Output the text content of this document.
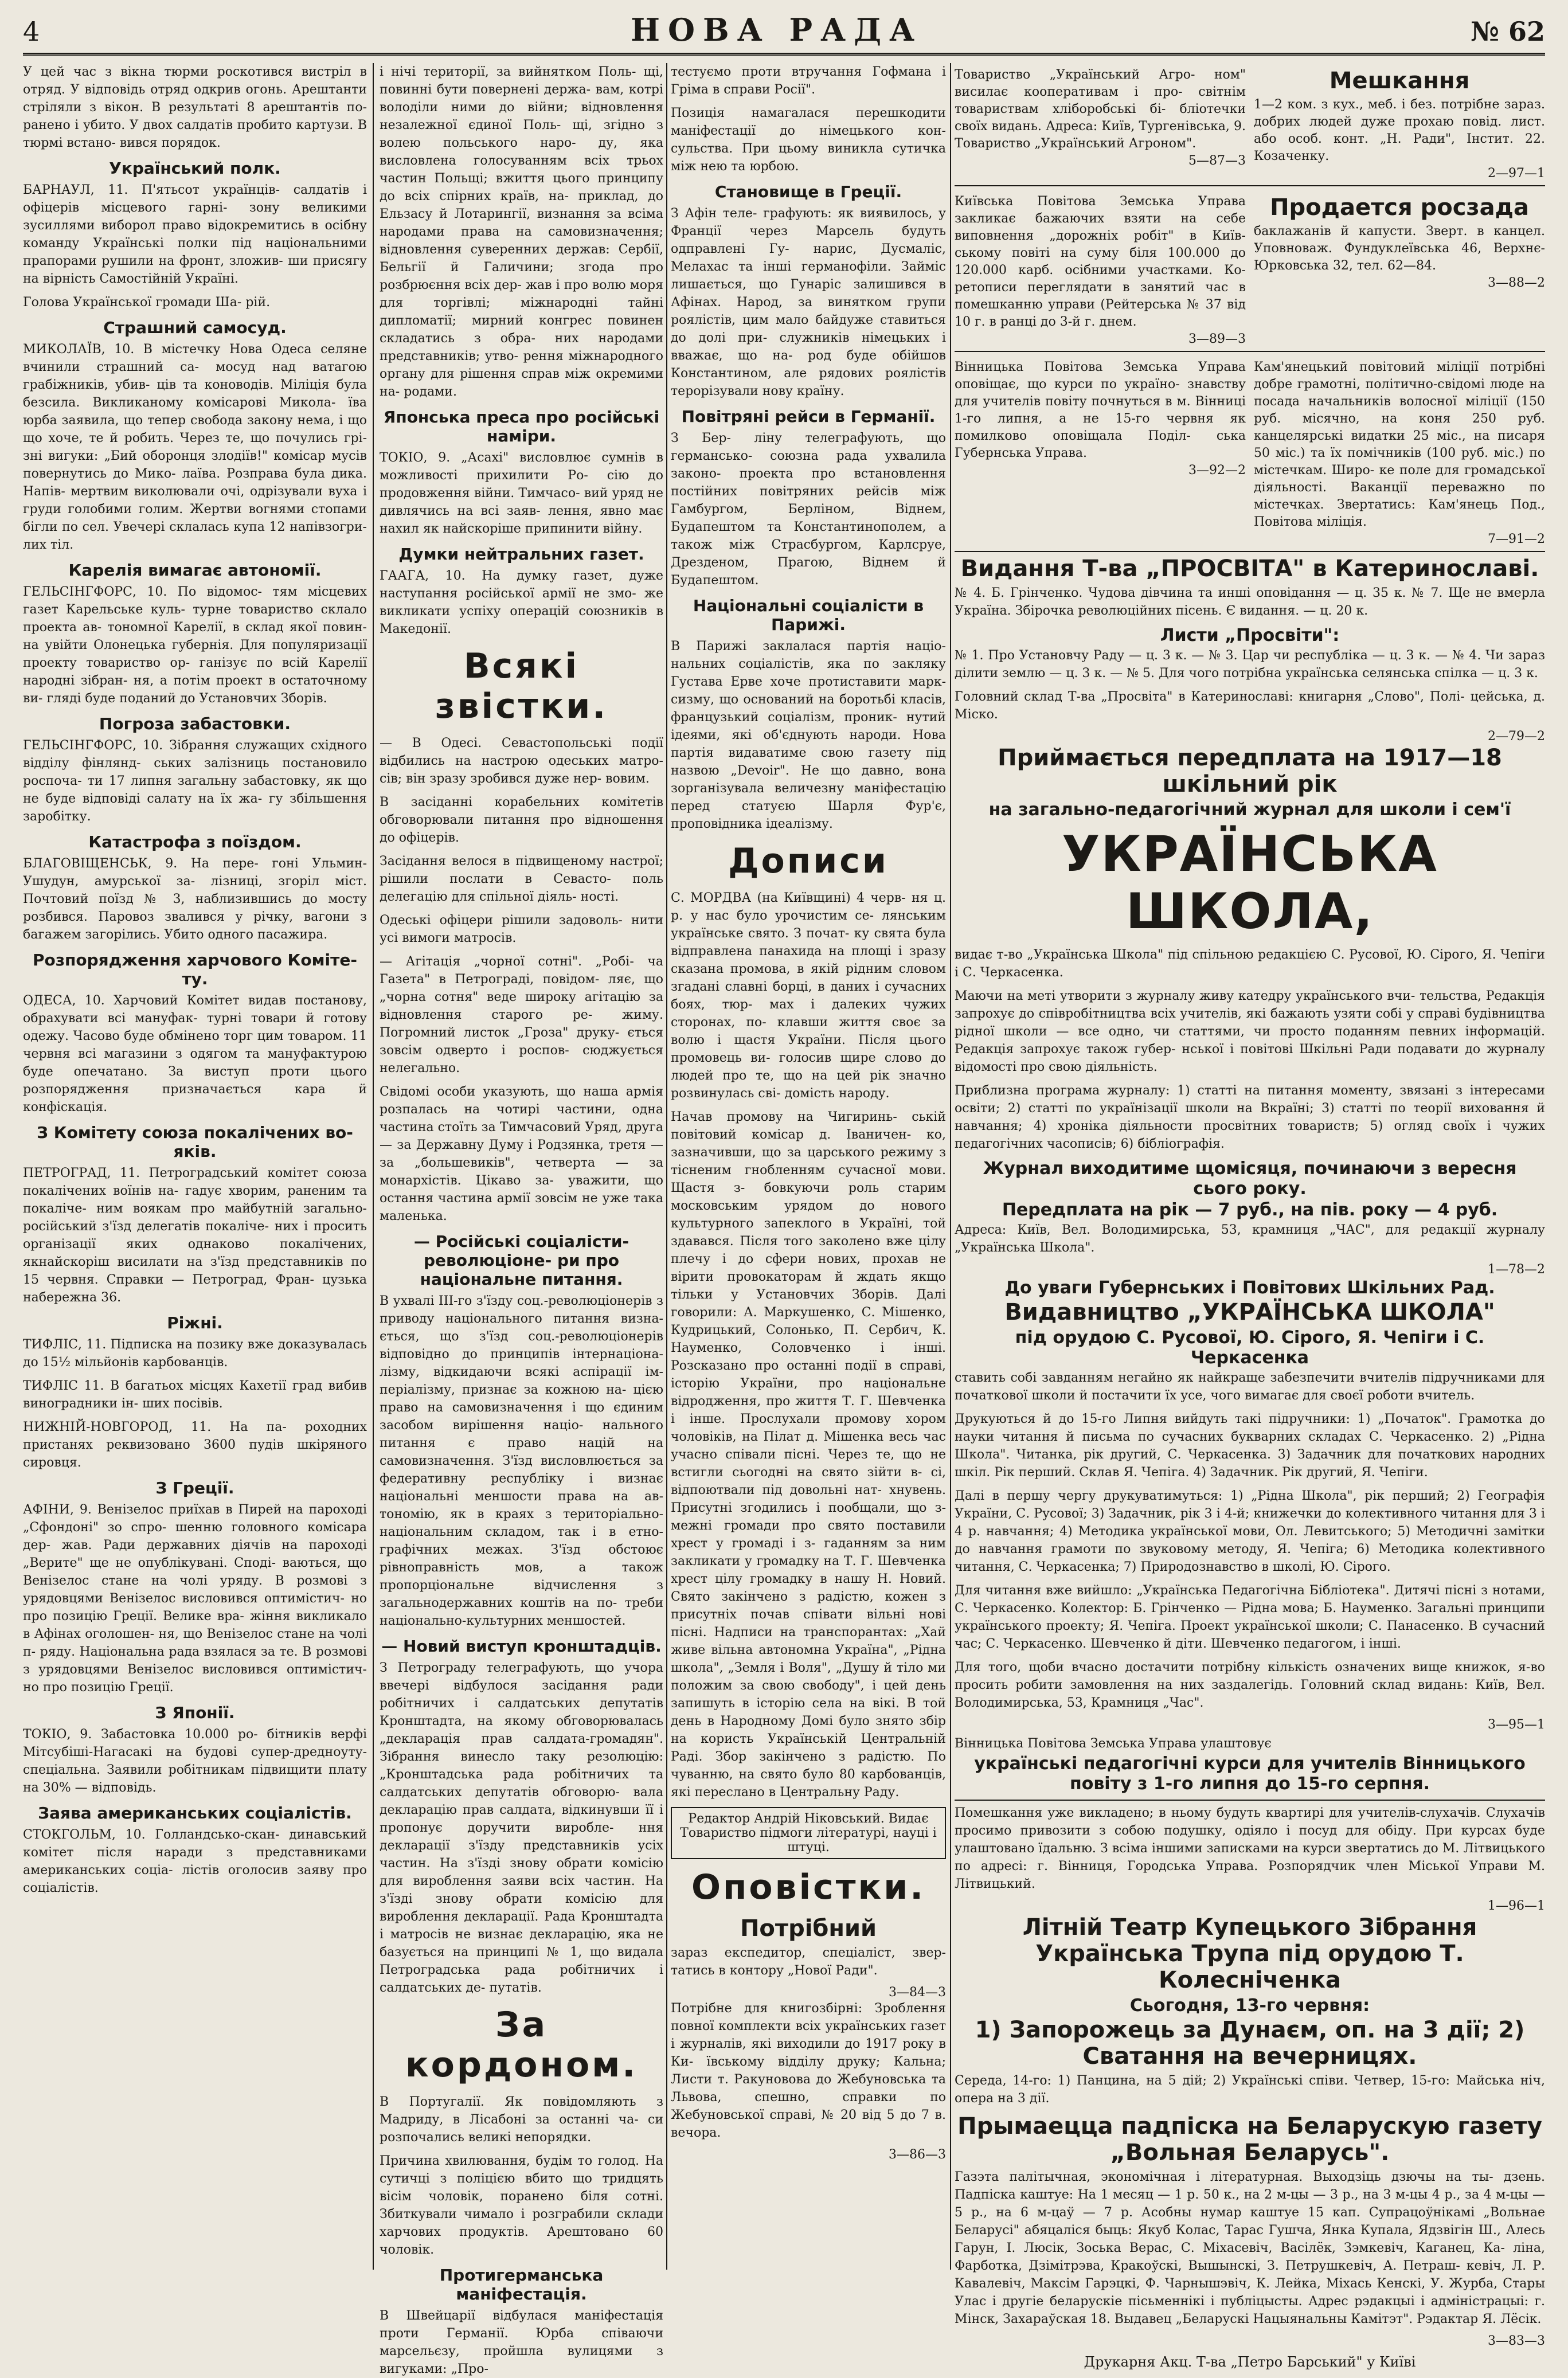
4	НОВА РАДА	№ 62

У цей час з вікна тюрми роскотився вистріл в отряд. У відповідь отряд одкрив огонь. Арештанти стріляли з вікон. В результаті 8 арештантів пo- ранено і убито. У двох салдатів пробито картузи. В тюрмі встано- вився порядок.

Український полк.

БАРНАУЛ, 11. П'ятьсот українців- салдатів і офіцерів місцевого гарні- зону великими зусиллями виборол право відокремитись в осібну команду Українські полки під національними прапорами рушили на фронт, зложив- ши присягу на вірність Самостійній Україні.

Голова Української громади Ша- рій.

Страшний самосуд.

МИКОЛАЇВ, 10. В містечку Нова Одеса селяне вчинили страшний са- мосуд над ватагою грабіжників, убив- ців та коноводів. Міліція була безсила. Викликаному комісарові Микола- їва юрба заявила, що тепер свобода закону нема, і що що хоче, те й робить. Через те, що почулись грі- зні вигуки: „Бий оборонця злодіїв!" комісар мусів повернутись до Мико- лаїва. Розправа була дика. Напів- мертвим виколювали очі, одрізували вуха і груди голобими голим. Жертви вогнями стопами бігли по сел. Увечері склалась купа 12 напівзогри- лих тіл.

Карелія вимагає автономії.

ГЕЛЬСІНГФОРС, 10. По відомос- тям місцевих газет Карельське куль- турне товариство склало проекта ав- тономної Карелії, в склад якої повин- на увійти Олонецька губернія. Для популяризації проекту товариство ор- ганізує по всій Карелії народні зібран- ня, а потім проект в остаточному ви- гляді буде поданий до Установчих Зборів.

Погроза забастовки.

ГЕЛЬСІНГФОРС, 10. Зібрання служащих східного відділу фінлянд- ських залізниць постановило роспоча- ти 17 липня загальну забастовку, як що не буде відповіді салату на їх жа- гу збільшення заробітку.

Катастрофа з поїздом.

БЛАГОВІЩЕНСЬК, 9. На пере- гоні Ульмин-Ушудун, амурської за- лізниці, згоріл міст. Почтовий поїзд № 3, наблизившись до мосту розбився. Паровоз звалився у річку, вагони з багажем загорілись. Убито одного пасажира.

Розпорядження харчового Коміте- ту.

ОДЕСА, 10. Харчовий Комітет видав постанову, обрахувати всі мануфак- турні товари й готову одежу. Часово буде обмінено торг цим товаром. 11 червня всі магазини з одягом та мануфактурою буде опечатано. За виступ проти цього розпорядження призначається кара й конфіскація.

З Комітету союза покалічених во- яків.

ПЕТРОГРАД, 11. Петроградський комітет союза покалічених воїнів на- гадує хворим, раненим та покаліче- ним воякам про майбутній загально- російський з'їзд делегатів покаліче- них і просить організації яких однаково покалічених, якнайскоріш висилати на з'їзд представників по 15 червня. Справки — Петроград, Фран- цузька набережна 36.

Ріжні.

ТИФЛІС, 11. Підписка на позику вже доказувалась до 15½ мільйонів карбованців.

ТИФЛІС 11. В багатьох місцях Кахетії град вибив виноградники ін- ших посівів.

НИЖНІЙ-НОВГОРОД, 11. На па- роходних пристанях реквизовано 3600 пудів шкіряного сировця.

З Греції.

АФІНИ, 9. Венізелос приїхав в Пирей на пароході „Сфондоні" зо спро- шенню головного комісара дер- жав. Ради державних діячів на пароході „Верите" ще не опублікувані. Споді- ваються, що Венізелос стане на чолі уряду. В розмові з урядовцями Венізелос висловився оптимістич- но про позицію Греції. Велике вра- жіння викликало в Афінах оголошен- ня, що Венізелос стане на чолі п- ряду. Національна рада взялася за те. В розмові з урядовцями Венізелос висловився оптимістич- но про позицію Греції.

З Японії.

ТОКІО, 9. Забастовка 10.000 ро- бітників верфі Мітсубіші-Нагасакі на будові супер-дредноуту-спеціальна. Заявили робітникам підвищити плату на 30% — відповідь.

Заява американських соціалістів.

СТОКГОЛЬМ, 10. Голландсько-скан- динавський комітет після наради з представниками американських соціа- лістів оголосив заяву про соціалістів.

і нічі території, за вийнятком Поль- щі, повинні бути повернені держа- вам, котрі володіли ними до війни; відновлення незалежної єдиної Поль- щі, згідно з волею польського наро- ду, яка висловлена голосуванням всіх трьох частин Польщі; вжиття цього принципу до всіх спірних країв, на- приклад, до Ельзасу й Лотарингії, визнання за всіма народами права на самовизначення; відновлення суверенних держав: Сербії, Бельгії й Галичини; згода про розбрюєння всіх дер- жав і про волю моря для торгівлі; міжнародні тайні дипломатії; мирний конгрес повинен складатись з обра- них народами представників; утво- рення міжнародного органу для рішення справ між окремими на- родами.

Японська преса про російські наміри.

ТОКІО, 9. „Асахі" висловлює сумнів в можливості прихилити Ро- сію до продовження війни. Тимчасо- вий уряд не дивлячись на всі заяв- лення, явно має нахил як найскоріше припинити війну.

Думки нейтральних газет.

ГААГА, 10. На думку газет, дуже наступання російської армії не змо- же викликати успіху операцій союзників в Македонії.

Всякі звістки.

— В Одесі. Севастопольські події відбились на настрою одеських матро- сів; він зразу зробився дуже нер- вовим.

В засіданні корабельних комітетів обговорювали питання про відношення до офіцерів.

Засідання велося в підвищеному настрої; рішили послати в Севасто- поль делегацію для спільної діяль- ності.

Одеські офіцери рішили задоволь- нити усі вимоги матросів.

— Агітація „чорної сотні". „Робі- ча Газета" в Петрограді, повідом- ляє, що „чорна сотня" веде широку агітацію за відновлення старого ре- жиму. Погромний листок „Гроза" друку- ється зовсім одверто і роспов- сюджується нелегально.

Свідомі особи указують, що наша армія розпалась на чотирі частини, одна частина стоїть за Тимчасовий Уряд, друга — за Державну Думу і Родзянка, третя — за „большевиків", четверта — за монархістів. Цікаво за- уважити, що остання частина армії зовсім не уже така маленька.

— Російські соціалісти-революціоне- ри про національне питання.

В ухвалі III-го з'їзду соц.-революціонерів з приводу національного питання визна- ється, що з'їзд соц.-революціонерів відповідно до принципів інтернаціона- лізму, відкидаючи всякі аспірації ім- періалізму, признає за кожною на- цією право на самовизначення і що єдиним засобом вирішення націо- нального питання є право націй на самовизначення. З'їзд висловлюється за федеративну республіку і визнає національні меншости права на ав- тономію, як в краях з територіально- національним складом, так і в етно- графічних межах. З'їзд обстоює рівноправність мов, а також пропорціональне відчислення з загальнодержавних коштів на по- треби національно-культурних меншостей.

— Новий виступ кронштадців.

З Петрограду телеграфують, що учора ввечері відбулося засідання ради робітничих і салдатських депутатів Кронштадта, на якому обговорювалась „декларація прав салдата-громадян". Зібрання винесло таку резолюцію: „Кронштадська рада робітничих та салдатських депутатів обговорю- вала декларацію прав салдата, відкинувши її і пропонує доручити виробле- ння декларації з'їзду представників усіх частин. На з'їзді знову обрати комісію для вироблення заяви всіх частин. На з'їзді знову обрати комісію для вироблення декларації. Рада Кронштадта і матросів не визнає декларацію, яка не базується на принципі № 1, що видала Петроградська рада робітничих і салдатських де- путатів.

За кордоном.

В Португалії. Як повідомляють з Мадриду, в Лісабоні за останні ча- си розпочались великі непорядки.

Причина хвилювання, будім то голод. На сутичці з поліцією вбито що тридцять вісім чоловік, поранено біля сотні. Збиткували чимало і розграбили склади харчових продуктів. Арештовано 60 чоловік.

Протигерманська маніфестація.

В Швейцарії відбулася маніфестація проти Германії. Юрба співаючи марсельєзу, пройшла вулицями з вигуками: „Про-

тестуємо проти втручання Гофмана і Гріма в справи Росії".

Позиція намагалася перешкодити маніфестації до німецького кон- сульства. При цьому виникла сутичка між нею та юрбою.

Становище в Греції.

З Афін теле- графують: як виявилось, у Франції через Марсель будуть одправлені Гу- нарис, Дусмаліс, Мелахас та інші германофіли. Займіс лишається, що Гунаріс залишився в Афінах. Народ, за винятком групи роялістів, цим мало байдуже ставиться до долі при- служників німецьких і вважає, що на- род буде обійшов Константином, але рядових роялістів терорізували нову країну.

Повітряні рейси в Германії.

З Бер- ліну телеграфують, що германсько- союзна рада ухвалила законо- проекта про встановлення постійних повітряних рейсів між Гамбургом, Берліном, Віднем, Будапештом та Константинополем, а також між Страсбургом, Карлсруе, Дрезденом, Прагою, Віднем й Будапештом.

Національні соціалісти в Парижі.

В Парижі заклалася партія націо- нальних соціалістів, яка по закляку Густава Ерве хоче протиставити марк- сизму, що оснований на боротьбі класів, французький соціалізм, проник- нутий ідеями, які об'єднують народи. Нова партія видаватиме свою газету під назвою „Devoir". Не що давно, вона зорганізувала величезну маніфестацію перед статуєю Шарля Фур'є, проповідника ідеалізму.

Дописи

С. МОРДВА (на Київщині) 4 черв- ня ц. р. у нас було урочистим се- лянським українське свято. З почат- ку свята була відправлена панахида на площі і зразу сказана промова, в якій рідним словом згадані славні борці, в даних і сучасних боях, тюр- мах і далеких чужих сторонах, по- клавши життя своє за волю і щастя України. Після цього промовець ви- голосив щире слово до людей про те, що на цей рік значно розвинулась сві- домість народу.

Начав промову на Чигиринь- ській повітовий комісар д. Іваничен- ко, зазначивши, що за царського режиму з тісненим гнобленням сучасної мови. Щастя з- бовкуючи роль старим московським урядом до нового культурного запеклого в Україні, той здавався. Після того заколено вже цілу плечу і до сфери нових, прохав не вірити провокаторам й ждать якщо тільки у Установчих Зборів. Далі говорили: А. Маркушенко, С. Мішенко, Кудрицький, Солонько, П. Сербич, К. Науменко, Соловченко і інші. Розсказано про останні події в справі, історію України, про національне відродження, про життя Т. Г. Шевченка і інше. Прослухали промову хором чоловіків, на Пілат д. Мішенка весь час учасно співали пісні. Через те, що не встигли сьогодні на свято зійти в- сі, відпоютвали під довольні нат- хнувень. Присутні згодились і пообщали, що з- межні громади про свято поставили хрест у громаді і з- гаданням за ним закликати у громадку на Т. Г. Шевченка хрест цілу громадку в нашу Н. Новий. Свято закінчено з радістю, кожен з присутніх почав співати вільні нові пісні. Надписи на транспорантах: „Хай живе вільна автономна Україна", „Рідна школа", „Земля і Воля", „Душу й тіло ми положим за свою свободу", і цей день запишуть в історію села на вікі. В той день в Народному Домі було знято збір на користь Українській Центральній Раді. Збор закінчено з радістю. По чуванню, на свято було 80 карбованців, які переслано в Центральну Раду.

Редактор Андрій Ніковський. Видає Товариство підмоги літературі, науці і штуці.
Оповістки.
Потрібний

зараз експедитор, спеціаліст, звер- татись в контору „Нової Ради".

3—84—3

Потрібне для книгозбірні: Зроблення повної комплекти всіх українських газет і журналів, які виходили до 1917 року в Ки- ївському відділу друку; Кальна; Листи т. Ракуновова до Жебуновська та Львова, спешно, справки по Жебуновської справі, № 20 від 5 до 7 в. вечора.

3—86—3

Товариство „Український Агро- ном" висилає кооперативам і про- світнім товариствам хліборобські бі- бліотечки своїх видань. Адреса: Київ, Тургенівська, 9. Товариство „Український Агроном".

5—87—3
Мешкання

1—2 ком. з кух., меб. і без. потрібне зараз. добрих людей дуже прохаю повід. лист. або особ. конт. „Н. Ради", Інстит. 22. Козаченку.

2—97—1

Київська Повітова Земська Управа закликає бажаючих взяти на себе виповнення „дорожніх робіт" в Київ- ському повіті на суму біля 100.000 до 120.000 карб. осібними участками. Ко- ретописи переглядати в занятий час в помешканню управи (Рейтерська № 37 від 10 г. в ранці до 3-й г. днем.

3—89—3
Продается росзада

баклажанів й капусти. Зверт. в канцел. Уповноваж. Фундуклеївська 46, Верхнє- Юрковська 32, тел. 62—84.

3—88—2

Вінницька Повітова Земська Управа оповіщає, що курси по україно- знавству для учителів повіту почнуться в м. Вінниці 1-го липня, а не 15-го червня як помилково оповіщала Поділ- ська Губернська Управа.

3—92—2

Кам'янецький повітовий міліції потрібні добре грамотні, політично-свідомі люде на посада начальників волосної міліції (150 руб. місячно, на коня 250 руб. канцелярські видатки 25 міс., на писаря 50 міс.) та їх помічників (100 руб. міс.) по містечкам. Широ- ке поле для громадської діяльності. Ваканції переважно по містечках. Звертатись: Кам'янець Под., Повітова міліція.

7—91—2
Видання Т-ва „ПРОСВІТА" в Катеринославі.

№ 4. Б. Грінченко. Чудова дівчина та инші оповідання — ц. 35 к. № 7. Ще не вмерла Україна. Збірочка революційних пісень. Є видання. — ц. 20 к.

Листи „Просвіти":

№ 1. Про Установчу Раду — ц. 3 к. — № 3. Цар чи республіка — ц. 3 к. — № 4. Чи зараз ділити землю — ц. 3 к. — № 5. Для чого потрібна українська селянська спілка — ц. 3 к.

Головний склад Т-ва „Просвіта" в Катеринославі: книгарня „Слово", Полі- цейська, д. Міско.

2—79—2
Приймається передплата на 1917—18 шкільний рік
на загально-педагогічний журнал для школи і сем'ї
УКРАЇНСЬКА ШКОЛА,

видає т-во „Українська Школа" під спільною редакцією С. Русової, Ю. Сірого, Я. Чепіги і С. Черкасенка.

Маючи на меті утворити з журналу живу катедру українського вчи- тельства, Редакція запрохує до співробітництва всіх учителів, які бажають узяти собі у справі будівництва рідної школи — все одно, чи статтями, чи просто поданням певних інформацій. Редакція запрохує також губер- нської і повітові Шкільні Ради подавати до журналу відомості про свою діяльність.

Приблизна програма журналу: 1) статті на питання моменту, звязані з інтересами освіти; 2) статті по українізації школи на Вкраїні; 3) статті по теорії виховання й навчання; 4) хроніка діяльности просвітних товариств; 5) огляд своїх і чужих педагогічних часописів; 6) бібліографія.

Журнал виходитиме щомісяця, починаючи з вересня сього року.
Передплата на рік — 7 руб., на пів. року — 4 руб.

Адреса: Київ, Вел. Володимирська, 53, крамниця „ЧАС", для редакції журналу „Українська Школа".

1—78—2
До уваги Губернських і Повітових Шкільних Рад.
Видавництво „УКРАЇНСЬКА ШКОЛА"
під орудою С. Русової, Ю. Сірого, Я. Чепіги і С. Черкасенка

ставить собі завданням негайно як найкраще забезпечити вчителів підручниками для початкової школи й постачити їх усе, чого вимагає для своєї роботи вчитель.

Друкуються й до 15-го Липня вийдуть такі підручники: 1) „Початок". Грамотка до науки читання й письма по сучасних букварних складах С. Черкасенко. 2) „Рідна Школа". Читанка, рік другий, С. Черкасенка. 3) Задачник для початкових народних шкіл. Рік перший. Склав Я. Чепіга. 4) Задачник. Рік другий, Я. Чепіги.

Далі в першу чергу друкуватимуться: 1) „Рідна Школа", рік перший; 2) Географія України, С. Русової; 3) Задачник, рік 3 і 4-й; книжечки до колективного читання для 3 і 4 р. навчання; 4) Методика української мови, Ол. Левитського; 5) Методичні замітки до навчання грамоти по звуковому методу, Я. Чепіга; 6) Методика колективного читання, С. Черкасенка; 7) Природознавство в школі, Ю. Сірого.

Для читання вже вийшло: „Українська Педагогічна Бібліотека". Дитячі пісні з нотами, С. Черкасенко. Колектор: Б. Грінченко — Рідна мова; Б. Науменко. Загальні принципи українського проекту; Я. Чепіга. Проект української школи; С. Панасенко. В сучасний час; С. Черкасенко. Шевченко й діти. Шевченко педагогом, і інші.

Для того, щоби вчасно достачити потрібну кількість означених вище книжок, я-во просить робити замовлення на них заздалегідь. Головний склад видань: Київ, Вел. Володимирська, 53, Крамниця „Час".

3—95—1
Вінницька Повітова Земська Управа улаштовує
українські педагогічні курси для учителів Вінницького повіту з 1-го липня до 15-го серпня.

Помешкання уже викладено; в ньому будуть квартирі для учителів-слухачів. Слухачів просимо привозити з собою подушку, одіяло і посуд для обіду. При курсах буде улаштовано їдальню. З всіма іншими записками на курси звертатись до М. Літвицького по адресі: г. Вінниця, Городська Управа. Розпорядчик член Міської Управи М. Літвицький.

1—96—1
Літній Театр Купецького Зібрання Українська Трупа під орудою Т. Колесніченка
Сьогодня, 13-го червня:
1) Запорожець за Дунаєм, оп. на 3 дії; 2) Сватання на вечерницях.

Середа, 14-го: 1) Панцина, на 5 дій; 2) Українські співи. Четвер, 15-го: Майська ніч, опера на 3 дії.

Прымаецца падпіска на Беларускую газету „Вольная Беларусь".

Газэта палітычная, экономічная і літературная. Выходзіць дзючы на ты- дзень. Падпіска каштуе: На 1 месяц — 1 р. 50 к., на 2 м-цы — 3 р., на 3 м-цы 4 р., за 4 м-цы — 5 р., на 6 м-цаў — 7 р. Асобны нумар каштуе 15 кап. Супрацоўнікамі „Вольнае Беларусі" абяцаліся быць: Якуб Колас, Тарас Гушча, Янка Купала, Ядзвігін Ш., Алесь Гарун, І. Люсік, Зоська Верас, С. Міхасевіч, Васілёк, Зэмкевіч, Каганец, Ка- ліна, Фарботка, Дзімітрэва, Кракоўскі, Вышынскі, З. Петрушкевіч, А. Петраш- кевіч, Л. Р. Кавалевіч, Максім Гарэцкі, Ф. Чарнышэвіч, К. Лейка, Міхась Кенскі, У. Журба, Стары Улас і другіе беларускіе пісьменнікі і публіцысты. Адрес рэдакцыі і адміністрацыі: г. Мінск, Захараўская 18. Выдавец „Беларускі Нацыянальны Камітэт". Рэдактар Я. Лёсік.

3—83—3
Друкарня Акц. Т-ва „Петро Барський" у Київі
